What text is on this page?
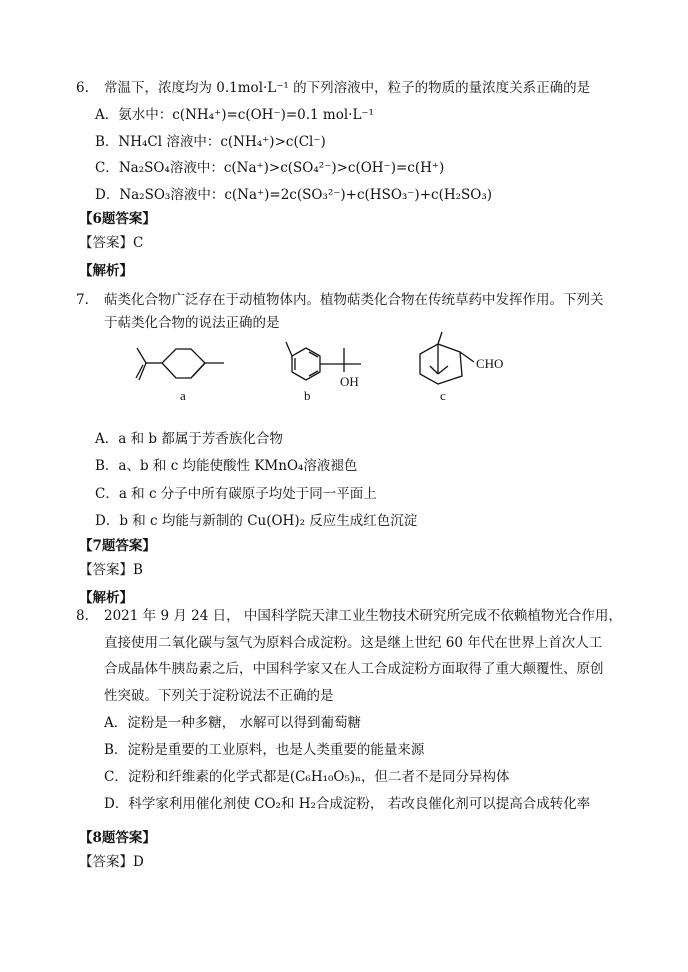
6. 常温下，浓度均为 0.1mol·L⁻¹ 的下列溶液中，粒子的物质的量浓度关系正确的是
A．氨水中：c(NH₄⁺)=c(OH⁻)=0.1 mol·L⁻¹
B．NH₄Cl 溶液中：c(NH₄⁺)>c(Cl⁻)
C．Na₂SO₄溶液中：c(Na⁺)>c(SO₄²⁻)>c(OH⁻)=c(H⁺)
D．Na₂SO₃溶液中：c(Na⁺)=2c(SO₃²⁻)+c(HSO₃⁻)+c(H₂SO₃)
【6题答案】
【答案】C
【解析】
7. 萜类化合物广泛存在于动植物体内。植物萜类化合物在传统草药中发挥作用。下列关
于萜类化合物的说法正确的是
a
OH
b
CHO
c
A．a 和 b 都属于芳香族化合物
B．a、b 和 c 均能使酸性 KMnO₄溶液褪色
C．a 和 c 分子中所有碳原子均处于同一平面上
D．b 和 c 均能与新制的 Cu(OH)₂ 反应生成红色沉淀
【7题答案】
【答案】B
【解析】
8. 2021 年 9 月 24 日， 中国科学院天津工业生物技术研究所完成不依赖植物光合作用，
直接使用二氧化碳与氢气为原料合成淀粉。这是继上世纪 60 年代在世界上首次人工
合成晶体牛胰岛素之后，中国科学家又在人工合成淀粉方面取得了重大颠覆性、原创
性突破。下列关于淀粉说法不正确的是
A．淀粉是一种多糖， 水解可以得到葡萄糖
B．淀粉是重要的工业原料，也是人类重要的能量来源
C．淀粉和纤维素的化学式都是(C₆H₁₀O₅)ₙ，但二者不是同分异构体
D．科学家利用催化剂使 CO₂和 H₂合成淀粉， 若改良催化剂可以提高合成转化率
【8题答案】
【答案】D
